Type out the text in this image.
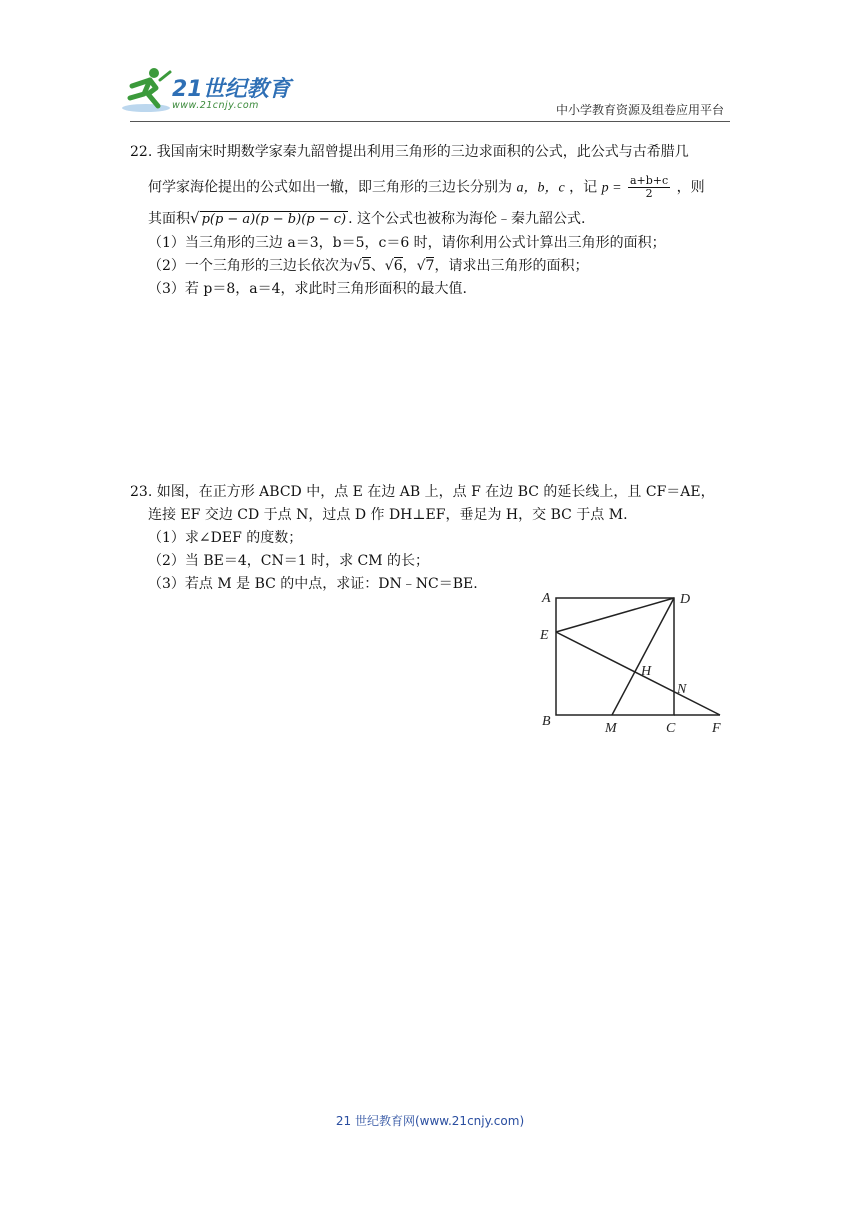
21世纪教育
www.21cnjy.com	中小学教育资源及组卷应用平台
22. 我国南宋时期数学家秦九韶曾提出利用三角形的三边求面积的公式，此公式与古希腊几
何学家海伦提出的公式如出一辙，即三角形的三边长分别为 a，b，c ，记 $p = \frac{a+b+c}{2}$ ，则
其面积√ p(p − a)(p − b)(p − c) . 这个公式也被称为海伦﹣秦九韶公式.
（1）当三角形的三边 a＝3，b＝5，c＝6 时，请你利用公式计算出三角形的面积；
（2）一个三角形的三边长依次为√5、√6，√7，请求出三角形的面积；
（3）若 p＝8，a＝4，求此时三角形面积的最大值.
23. 如图，在正方形 ABCD 中，点 E 在边 AB 上，点 F 在边 BC 的延长线上，且 CF＝AE，
连接 EF 交边 CD 于点 N，过点 D 作 DH⊥EF，垂足为 H，交 BC 于点 M.
（1）求∠DEF 的度数；
（2）当 BE＝4，CN＝1 时，求 CM 的长；
（3）若点 M 是 BC 的中点，求证：DN﹣NC＝BE.
A
B	C
D
E
F
H
M
N
21 世纪教育网(www.21cnjy.com)
